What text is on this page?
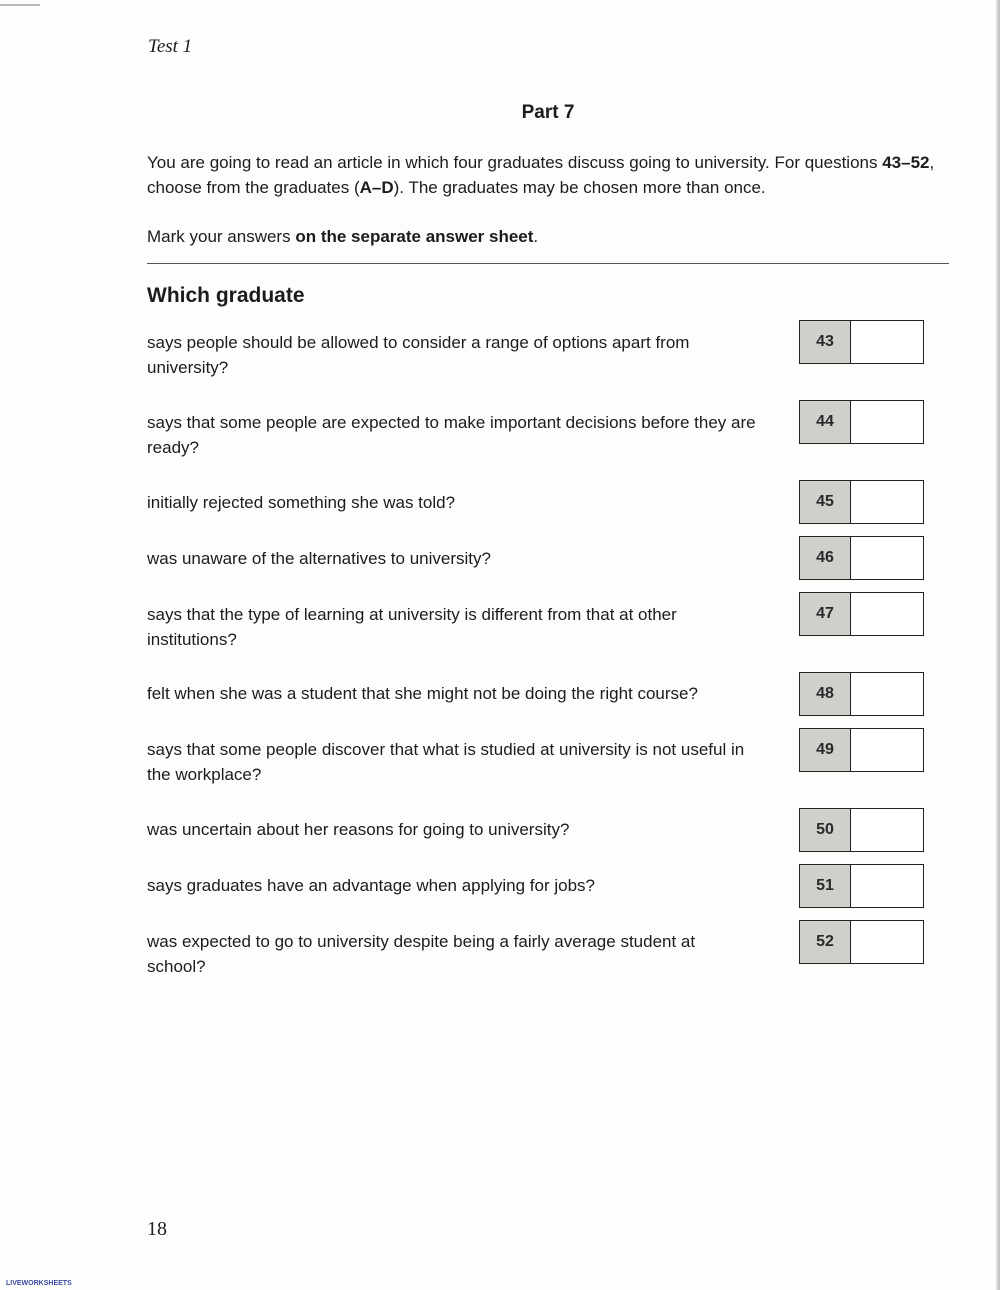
Test 1
Part 7

You are going to read an article in which four graduates discuss going to university. For questions 43–52, choose from the graduates (A–D). The graduates may be chosen more than once.

Mark your answers on the separate answer sheet.

Which graduate
says people should be allowed to consider a range of options apart from university?
43
says that some people are expected to make important decisions before they are ready?
44
initially rejected something she was told?	45
was unaware of the alternatives to university?	46
says that the type of learning at university is different from that at other institutions?
47
felt when she was a student that she might not be doing the right course?	48
says that some people discover that what is studied at university is not useful in the workplace?
49
was uncertain about her reasons for going to university?	50
says graduates have an advantage when applying for jobs?	51
was expected to go to university despite being a fairly average student at school?
52
18
LIVEWORKSHEETS
